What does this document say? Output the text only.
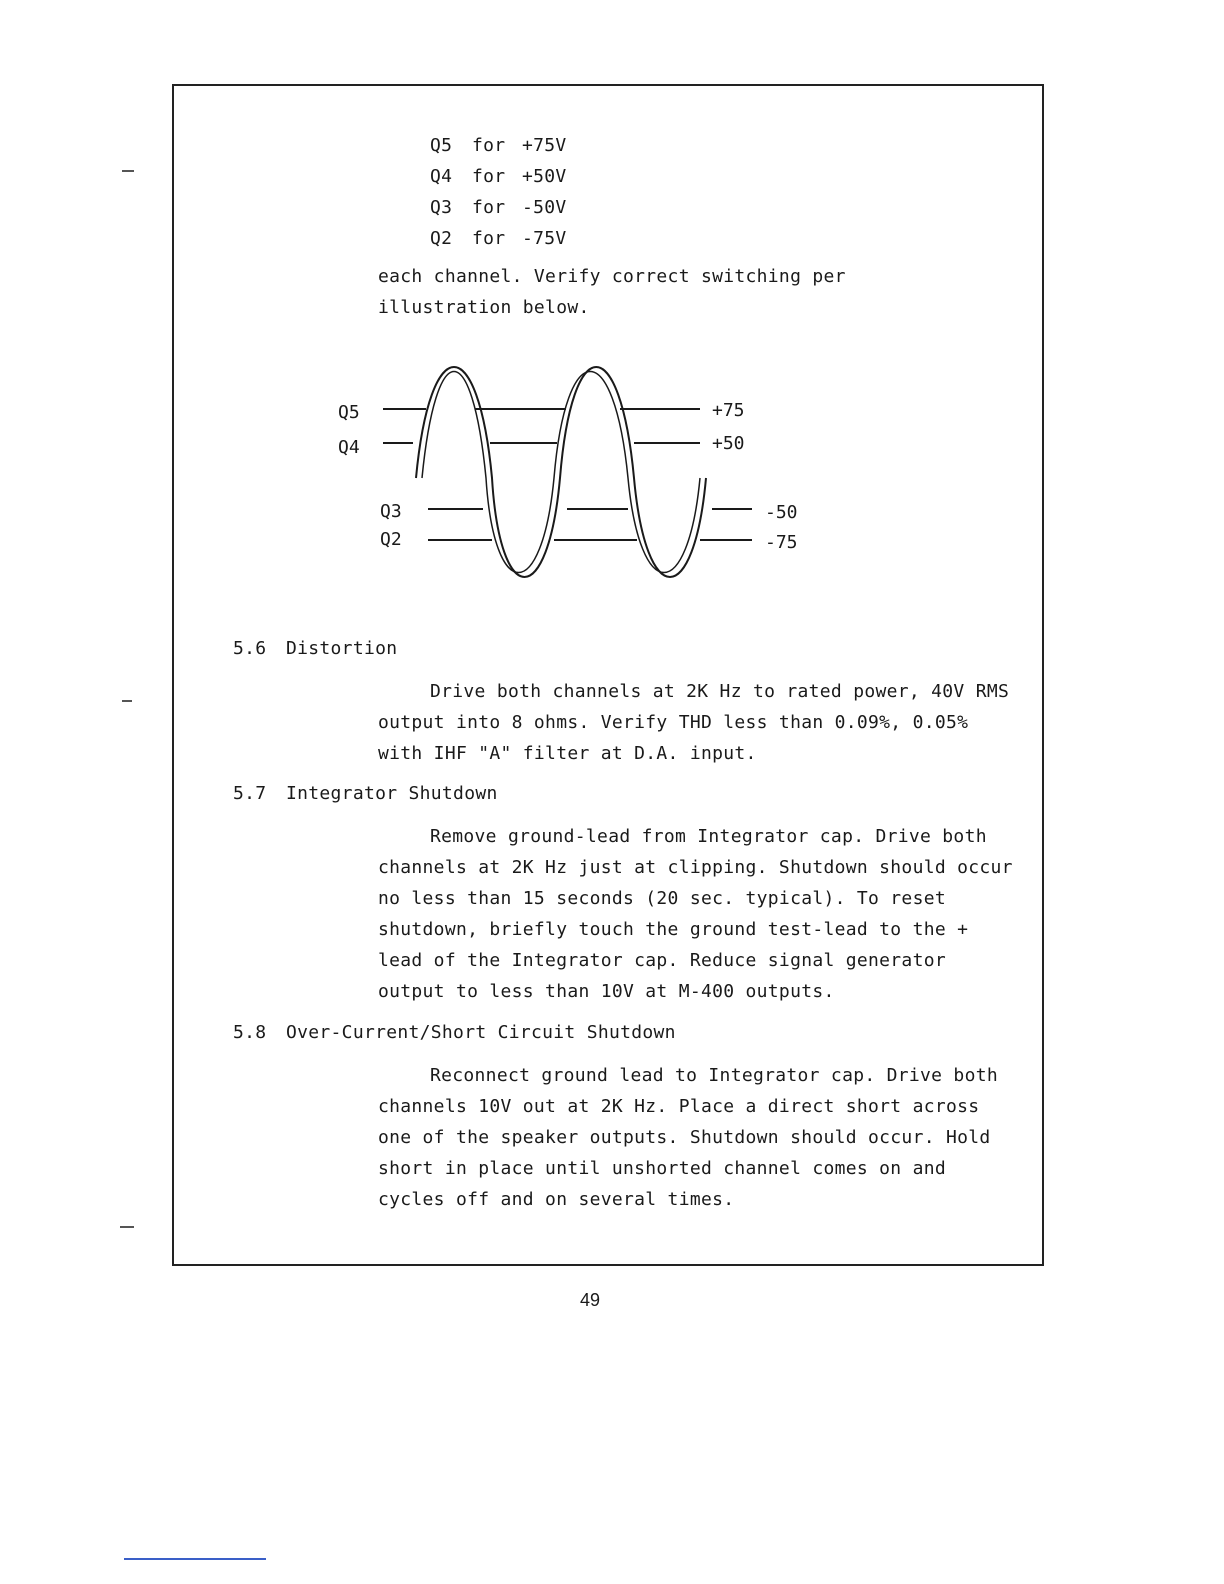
Q5	for +75V
Q4	for +50V
Q3	for -50V
Q2	for -75V
each channel. Verify correct switching per illustration below.
Q5
Q4
Q3
Q2
+75
+50
-50
-75
5.6 Distortion
Drive both channels at 2K Hz to rated power, 40V RMS output into 8 ohms. Verify THD less than 0.09%, 0.05% with IHF "A" filter at D.A. input.
5.7 Integrator Shutdown
Remove ground-lead from Integrator cap. Drive both channels at 2K Hz just at clipping. Shutdown should occur no less than 15 seconds (20 sec. typical). To reset shutdown, briefly touch the ground test-lead to the + lead of the Integrator cap. Reduce signal generator output to less than 10V at M-400 outputs.
5.8 Over-Current/Short Circuit Shutdown
Reconnect ground lead to Integrator cap. Drive both channels 10V out at 2K Hz. Place a direct short across one of the speaker outputs. Shutdown should occur. Hold short in place until unshorted channel comes on and cycles off and on several times.
49
